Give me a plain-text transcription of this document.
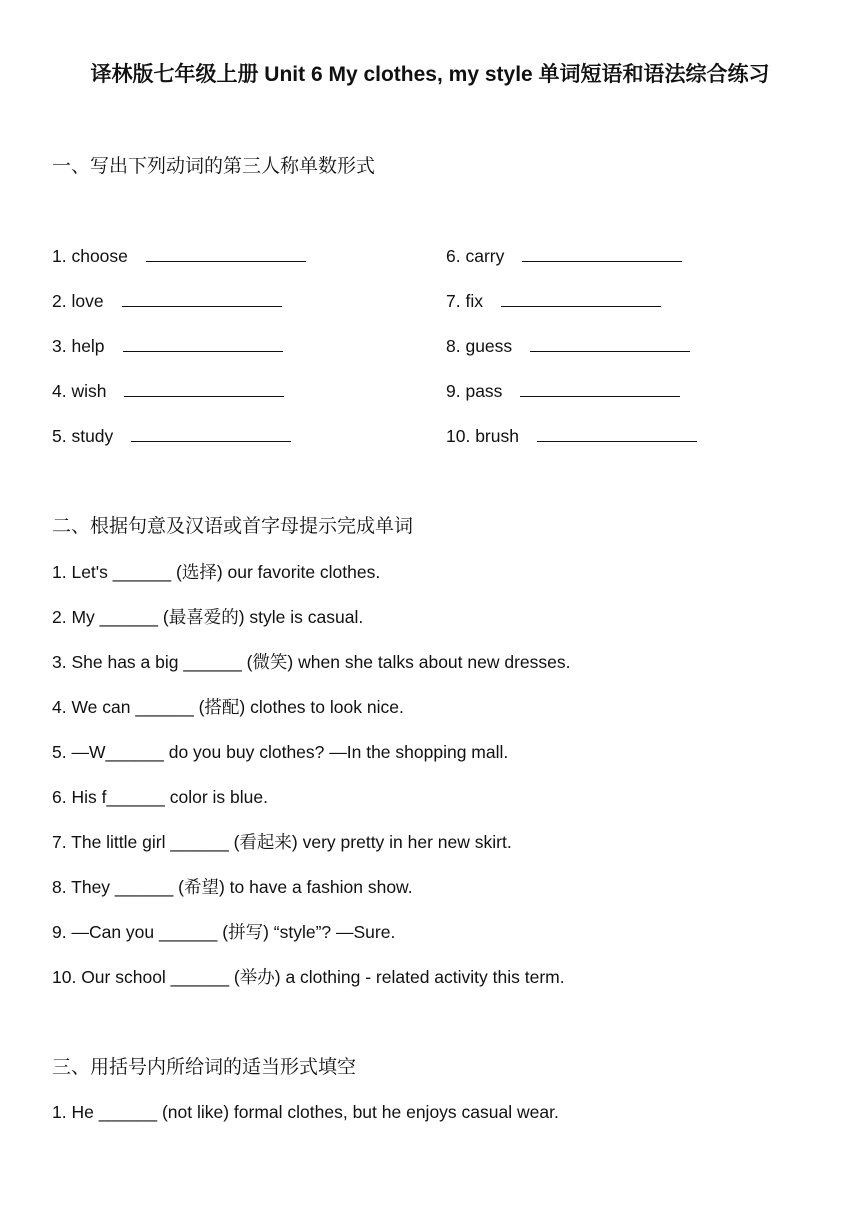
译林版七年级上册 Unit 6 My clothes, my style 单词短语和语法综合练习
一、写出下列动词的第三人称单数形式
1. choose
2. love
3. help
4. wish
5. study
6. carry
7. fix
8. guess
9. pass
10. brush
二、根据句意及汉语或首字母提示完成单词
1. Let's ______ (选择) our favorite clothes.
2. My ______ (最喜爱的) style is casual.
3. She has a big ______ (微笑) when she talks about new dresses.
4. We can ______ (搭配) clothes to look nice.
5. —W______ do you buy clothes? —In the shopping mall.
6. His f______ color is blue.
7. The little girl ______ (看起来) very pretty in her new skirt.
8. They ______ (希望) to have a fashion show.
9. —Can you ______ (拼写) “style”? —Sure.
10. Our school ______ (举办) a clothing - related activity this term.
三、用括号内所给词的适当形式填空
1. He ______ (not like) formal clothes, but he enjoys casual wear.
